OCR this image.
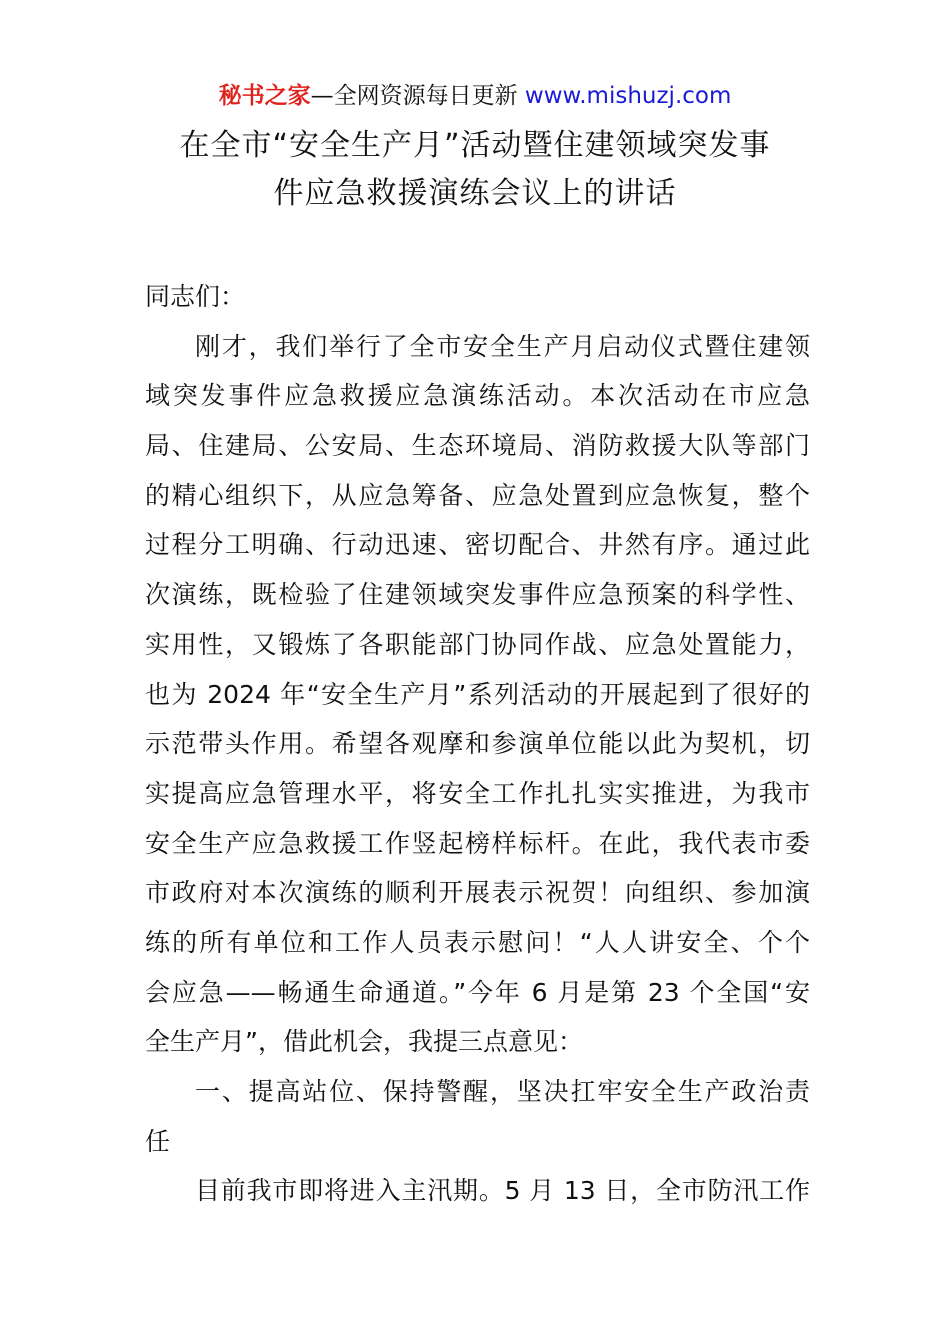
秘书之家—全网资源每日更新 www.mishuzj.com
在全市“安全生产月”活动暨住建领域突发事
件应急救援演练会议上的讲话
同志们：
刚才，我们举行了全市安全生产月启动仪式暨住建领
域突发事件应急救援应急演练活动。本次活动在市应急
局、住建局、公安局、生态环境局、消防救援大队等部门
的精心组织下，从应急筹备、应急处置到应急恢复，整个
过程分工明确、行动迅速、密切配合、井然有序。通过此
次演练，既检验了住建领域突发事件应急预案的科学性、
实用性，又锻炼了各职能部门协同作战、应急处置能力，
也为 2024 年“安全生产月”系列活动的开展起到了很好的
示范带头作用。希望各观摩和参演单位能以此为契机，切
实提高应急管理水平，将安全工作扎扎实实推进，为我市
安全生产应急救援工作竖起榜样标杆。在此，我代表市委
市政府对本次演练的顺利开展表示祝贺！向组织、参加演
练的所有单位和工作人员表示慰问！“人人讲安全、个个
会应急——畅通生命通道。”今年 6 月是第 23 个全国“安
全生产月”，借此机会，我提三点意见：
一、提高站位、保持警醒，坚决扛牢安全生产政治责
任
目前我市即将进入主汛期。5 月 13 日，全市防汛工作
